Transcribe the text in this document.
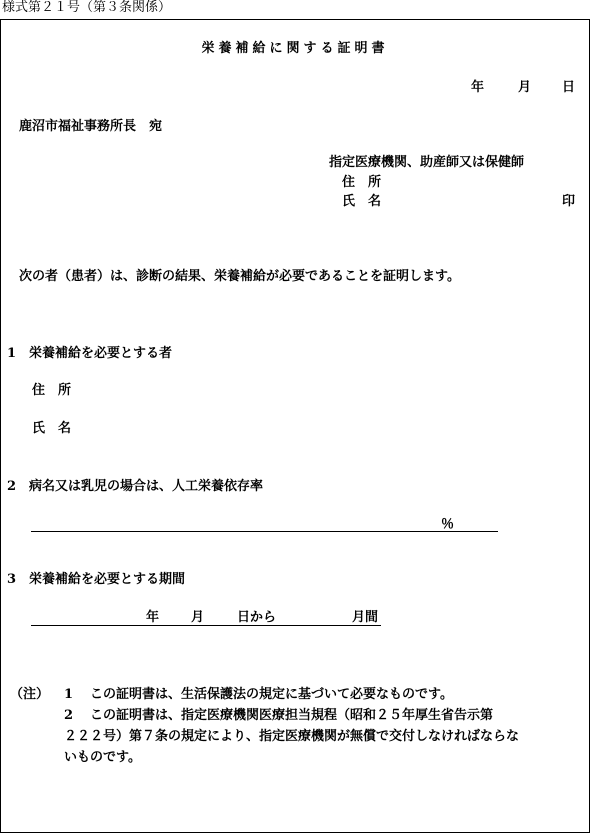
様式第２１号（第３条関係）
栄養補給に関する証明書
年	月 日
鹿沼市福祉事務所長　宛
指定医療機関、助産師又は保健師
住　所
氏　名	印
次の者（患者）は、診断の結果、栄養補給が必要であることを証明します。
1　栄養補給を必要とする者
住　所
氏　名
2　病名又は乳児の場合は、人工栄養依存率
％
3　栄養補給を必要とする期間
年 月	日から	月間
（注） 1 この証明書は、生活保護法の規定に基づいて必要なものです。
2 この証明書は、指定医療機関医療担当規程（昭和２５年厚生省告示第
２２２号）第７条の規定により、指定医療機関が無償で交付しなければならな
いものです。
